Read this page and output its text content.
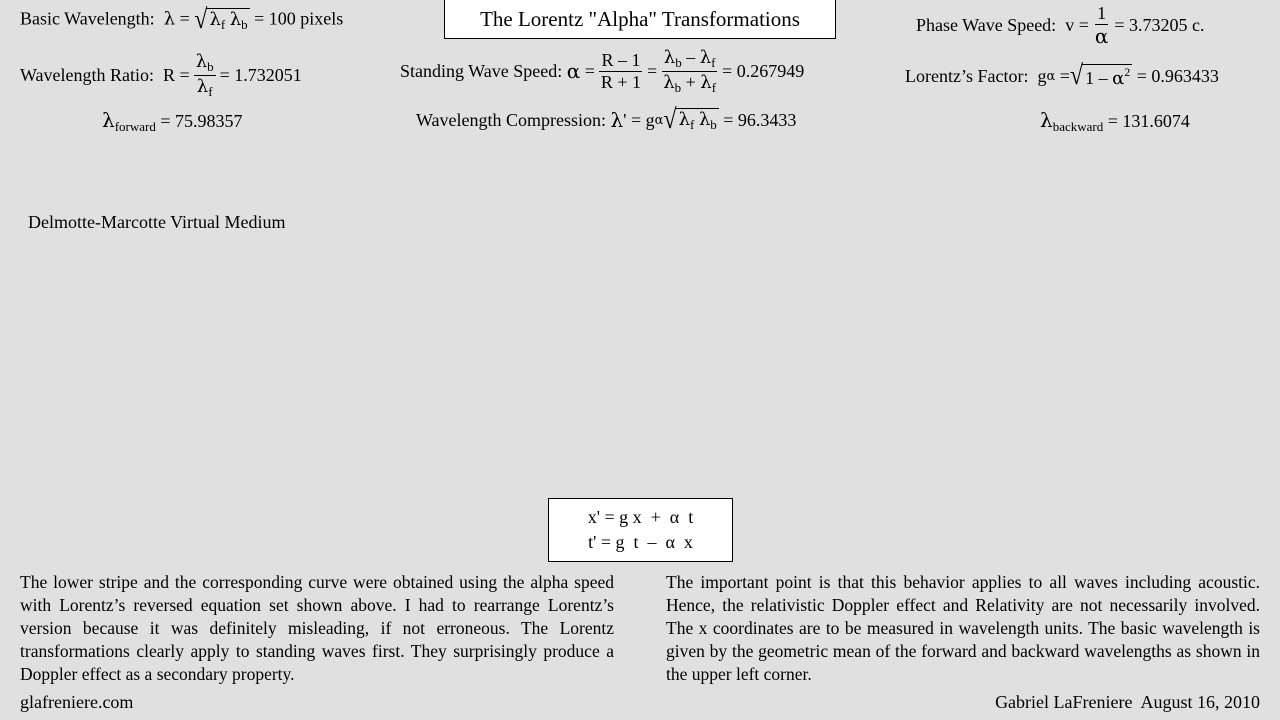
The Lorentz "Alpha" Transformations
Basic Wavelength: λ = √ $\lambda_f$ $\lambda_b = 100$ pixels
Wavelength Ratio: $R = \frac{\lambda_b}{\lambda_f} = 1.732051$
$\lambda_{forward} = 75.98357$
Standing Wave Speed:
$\alpha = \frac{R - 1}{R + 1} = \frac{\lambda_b - \lambda_f}{\lambda_b + \lambda_f} = 0.267949$
Wavelength Compression:
λ ' = g α √ $\lambda_f$ $\lambda_b = 96.3433$
Phase Wave Speed: $v = \frac{1}{\alpha} = 3.73205$ c.
Lorentz’s Factor: g α = √ $1 - \alpha^2 = 0.963433$
$\lambda_{backward} = 131.6074$
Delmotte-Marcotte Virtual Medium
x' = g x  +  α  t
t' = g  t  –  α  x
The lower stripe and the corresponding curve were obtained using the alpha speed with Lorentz’s reversed equation set shown above. I had to rearrange Lorentz’s version because it was definitely misleading, if not erroneous. The Lorentz transformations clearly apply to standing waves first. They surprisingly produce a Doppler effect as a secondary property.
The important point is that this behavior applies to all waves including acoustic. Hence, the relativistic Doppler effect and Relativity are not necessarily involved. The x coordinates are to be measured in wavelength units. The basic wavelength is given by the geometric mean of the forward and backward wavelengths as shown in the upper left corner.
glafreniere.com	Gabriel LaFreniere  August 16, 2010
